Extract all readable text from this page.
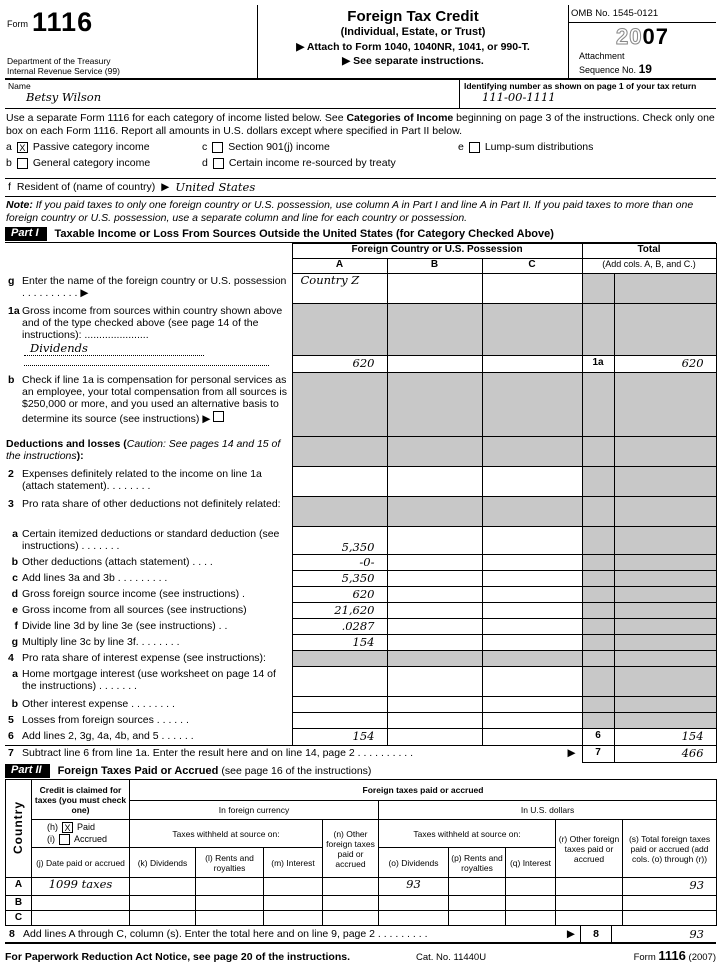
Form 1116
Department of the Treasury
Internal Revenue Service (99)
Foreign Tax Credit
(Individual, Estate, or Trust)
▶ Attach to Form 1040, 1040NR, 1041, or 990-T.
▶ See separate instructions.
OMB No. 1545-0121
2007
Attachment
Sequence No. 19
Name
Betsy Wilson
Identifying number as shown on page 1 of your tax return
111-00-1111
Use a separate Form 1116 for each category of income listed below. See Categories of Income beginning on page 3 of the instructions. Check only one box on each Form 1116. Report all amounts in U.S. dollars except where specified in Part II below.
a X Passive category income
b General category income
c Section 901(j) income
d Certain income re-sourced by treaty
e Lump-sum distributions
f Resident of (name of country) ▶ United States
Note: If you paid taxes to only one foreign country or U.S. possession, use column A in Part I and line A in Part II. If you paid taxes to more than one foreign country or U.S. possession, use a separate column and line for each country or possession.
Part I	Taxable Income or Loss From Sources Outside the United States (for Category Checked Above)
	Foreign Country or U.S. Possession			Total	
	A	B	C	(Add cols. A, B, and C.)	

g Enter the name of the foreign country or U.S. possession . . . . . . . . . . ▶	Country Z				

1a Gross income from sources within country shown above and of the type checked above (see page 14 of the instructions): ......................
Dividends					

	620			1a	620

b Check if line 1a is compensation for personal services as an employee, your total compensation from all sources is $250,000 or more, and you used an alternative basis to determine its source (see instructions) ▶					

Deductions and losses (Caution: See pages 14 and 15 of the instructions):					

2 Expenses definitely related to the income on line 1a (attach statement). . . . . . . .					

3 Pro rata share of other deductions not definitely related:					

a Certain itemized deductions or standard deduction (see instructions) . . . . . . .	5,350				

b Other deductions (attach statement) . . . .	-0-				

c Add lines 3a and 3b . . . . . . . . .	5,350				

d Gross foreign source income (see instructions) .	620				

e Gross income from all sources (see instructions)	21,620				

f Divide line 3d by line 3e (see instructions) . .	.0287				

g Multiply line 3c by line 3f. . . . . . . .	154				

4 Pro rata share of interest expense (see instructions):					

a Home mortgage interest (use worksheet on page 14 of the instructions) . . . . . . .					

b Other interest expense . . . . . . . .					

5 Losses from foreign sources . . . . . .					

6 Add lines 2, 3g, 4a, 4b, and 5 . . . . . .	154			6	154

7 Subtract line 6 from line 1a. Enter the result here and on line 14, page 2 . . . . . . . . . . ▶				7	466
Part II	Foreign Taxes Paid or Accrued (see page 16 of the instructions)
Country	Credit is claimed for taxes (you must check one)	Foreign taxes paid or accrued								
		In foreign currency				In U.S. dollars				

	(h) X Paid
(i) Accrued	Taxes withheld at source on:			(n) Other foreign taxes paid or accrued	Taxes withheld at source on:			(r) Other foreign taxes paid or accrued	(s) Total foreign taxes paid or accrued (add cols. (o) through (r))
	(j) Date paid or accrued	(k) Dividends	(l) Rents and royalties	(m) Interest		(o) Dividends	(p) Rents and royalties	(q) Interest		
A	1099 taxes					93				93
B										
C										
8 Add lines A through C, column (s). Enter the total here and on line 9, page 2 . . . . . . . . .	▶	8	93
For Paperwork Reduction Act Notice, see page 20 of the instructions.	Cat. No. 11440U	Form 1116 (2007)
